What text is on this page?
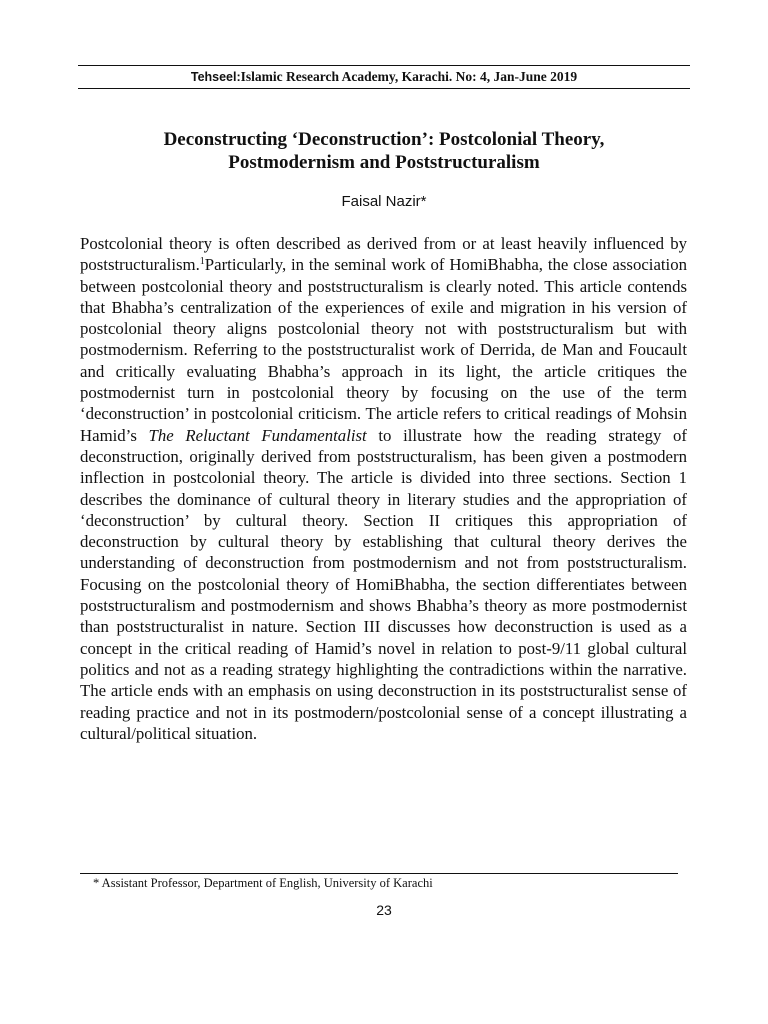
Tehseel:Islamic Research Academy, Karachi. No: 4, Jan-June 2019
Deconstructing ‘Deconstruction’: Postcolonial Theory,
Postmodernism and Poststructuralism
Faisal Nazir*

Postcolonial theory is often described as derived from or at least heavily influenced by poststructuralism.$^1$Particularly, in the seminal work of HomiBhabha, the close association between postcolonial theory and poststructuralism is clearly noted. This article contends that Bhabha’s centralization of the experiences of exile and migration in his version of postcolonial theory aligns postcolonial theory not with poststructuralism but with postmodernism. Referring to the poststructuralist work of Derrida, de Man and Foucault and critically evaluating Bhabha’s approach in its light, the article critiques the postmodernist turn in postcolonial theory by focusing on the use of the term ‘deconstruction’ in postcolonial criticism. The article refers to critical readings of Mohsin Hamid’s The Reluctant Fundamentalist to illustrate how the reading strategy of deconstruction, originally derived from poststructuralism, has been given a postmodern inflection in postcolonial theory. The article is divided into three sections. Section 1 describes the dominance of cultural theory in literary studies and the appropriation of ‘deconstruction’ by cultural theory. Section II critiques this appropriation of deconstruction by cultural theory by establishing that cultural theory derives the understanding of deconstruction from postmodernism and not from poststructuralism. Focusing on the postcolonial theory of HomiBhabha, the section differentiates between poststructuralism and postmodernism and shows Bhabha’s theory as more postmodernist than poststructuralist in nature. Section III discusses how deconstruction is used as a concept in the critical reading of Hamid’s novel in relation to post-9/11 global cultural politics and not as a reading strategy highlighting the contradictions within the narrative. The article ends with an emphasis on using deconstruction in its poststructuralist sense of reading practice and not in its postmodern/postcolonial sense of a concept illustrating a cultural/political situation.

* Assistant Professor, Department of English, University of Karachi
23
